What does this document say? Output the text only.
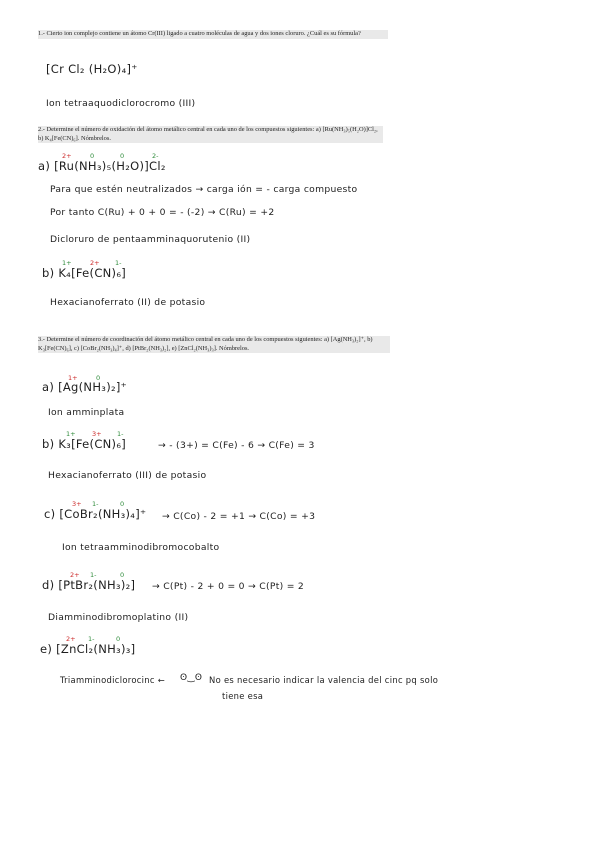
1.- Cierto ion complejo contiene un átomo Cr(III) ligado a cuatro moléculas de agua y dos iones cloruro. ¿Cuál es su fórmula?
[Cr Cl₂ (H₂O)₄]⁺
Ion tetraaquodiclorocromo (III)
2.- Determine el número de oxidación del átomo metálico central en cada uno de los compuestos siguientes: a) [Ru(NH₃)₅(H₂O)]Cl₂, b) K₄[Fe(CN)₆]. Nómbrelos.
2+	0	0	2-
a) [Ru(NH₃)₅(H₂O)]Cl₂
Para que estén neutralizados → carga ión = - carga compuesto
Por tanto C(Ru) + 0 + 0 = - (-2) → C(Ru) = +2
Dicloruro de pentaamminaquorutenio (II)
1+	2+ 1-
b) K₄[Fe(CN)₆]
Hexacianoferrato (II) de potasio
3.- Determine el número de coordinación del átomo metálico central en cada uno de los compuestos siguientes: a) [Ag(NH₃)₂]⁺, b) K₃[Fe(CN)₆], c) [CoBr₂(NH₃)₄]⁺, d) [PtBr₂(NH₃)₂], e) [ZnCl₂(NH₃)₃]. Nómbrelos.
1+	0
a) [Ag(NH₃)₂]⁺
Ion amminplata
1+	3+ 1-
b) K₃[Fe(CN)₆]	→ - (3+) = C(Fe) - 6 → C(Fe) = 3
Hexacianoferrato (III) de potasio
3+ 1-	0
c) [CoBr₂(NH₃)₄]⁺ → C(Co) - 2 = +1 → C(Co) = +3
Ion tetraamminodibromocobalto
2+ 1-	0
d) [PtBr₂(NH₃)₂] → C(Pt) - 2 + 0 = 0 → C(Pt) = 2
Diamminodibromoplatino (II)
2+ 1-	0
e) [ZnCl₂(NH₃)₃]
Triamminodiclorocinc ← ʘ‿ʘ No es necesario indicar la valencia del cinc pq solo
tiene esa
